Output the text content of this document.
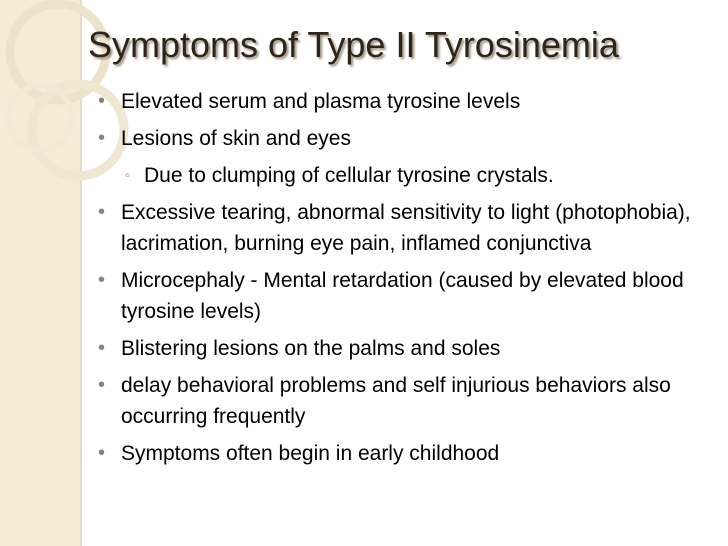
Symptoms of Type II Tyrosinemia
• Elevated serum and plasma tyrosine levels
• Lesions of skin and eyes
◦ Due to clumping of cellular tyrosine crystals.
• Excessive tearing, abnormal sensitivity to light (photophobia), lacrimation, burning eye pain, inflamed conjunctiva
• Microcephaly - Mental retardation (caused by elevated blood tyrosine levels)
• Blistering lesions on the palms and soles
• delay behavioral problems and self injurious behaviors also occurring frequently
• Symptoms often begin in early childhood
